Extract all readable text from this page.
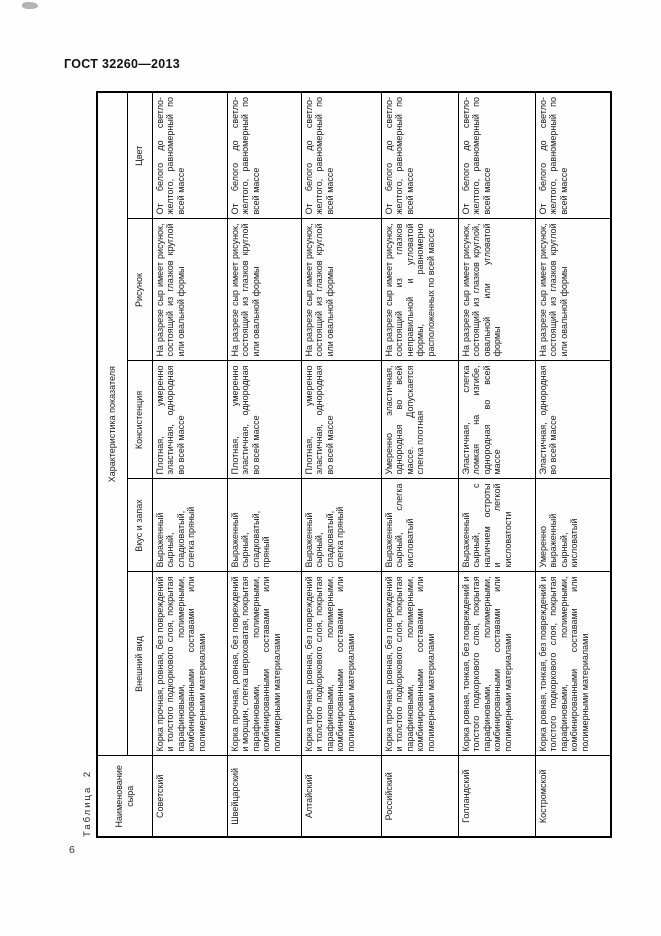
ГОСТ 32260—2013
6
Таблица 2 Наименование сыра	Характеристика показателя				
	Внешний вид	Вкус и запах	Консистенция	Рисунок	Цвет
Советский	Корка прочная, ровная, без повреждений и толстого подкоркового слоя, покрытая парафиновыми, полимерными, комбинированными составами или полимерными материалами	Выраженный сырный, сладковатый, слегка пряный	Плотная, умеренно эластичная, однородная во всей массе	На разрезе сыр имеет рисунок, состоящий из глазков круглой или овальной формы	От белого до светло-желтого, равномерный по всей массе
Швейцарский	Корка прочная, ровная, без повреждений и морщин, слегка шероховатая, покрытая парафиновыми, полимерными, комбинированными составами или полимерными материалами	Выраженный сырный, сладковатый, пряный	Плотная, умеренно эластичная, однородная во всей массе	На разрезе сыр имеет рисунок, состоящий из глазков круглой или овальной формы	От белого до светло-желтого, равномерный по всей массе
Алтайский	Корка прочная, ровная, без повреждений и толстого подкоркового слоя, покрытая парафиновыми, полимерными, комбинированными составами или полимерными материалами	Выраженный сырный, сладковатый, слегка пряный	Плотная, умеренно эластичная, однородная во всей массе	На разрезе сыр имеет рисунок, состоящий из глазков круглой или овальной формы	От белого до светло-желтого, равномерный по всей массе
Российский	Корка прочная, ровная, без повреждений и толстого подкоркового слоя, покрытая парафиновыми, полимерными, комбинированными составами или полимерными материалами	Выраженный сырный, слегка кисловатый	Умеренно эластичная, однородная во всей массе. Допускается слегка плотная	На разрезе сыр имеет рисунок, состоящий из глазков неправильной и угловатой формы, равномерно расположенных по всей массе	От белого до светло-желтого, равномерный по всей массе
Голландский	Корка ровная, тонкая, без повреждений и толстого подкоркового слоя, покрытая парафиновыми, полимерными, комбинированными составами или полимерными материалами	Выраженный сырный, с наличием остроты и легкой кисловатости	Эластичная, слегка ломкая на изгибе, однородная во всей массе	На разрезе сыр имеет рисунок, состоящий из глазков круглой, овальной или угловатой формы	От белого до светло-желтого, равномерный по всей массе
Костромской	Корка ровная, тонкая, без повреждений и толстого подкоркового слоя, покрытая парафиновыми, полимерными, комбинированными составами или полимерными материалами	Умеренно выраженный сырный, кисловатый	Эластичная, однородная во всей массе	На разрезе сыр имеет рисунок, состоящий из глазков круглой или овальной формы	От белого до светло-желтого, равномерный по всей массе
